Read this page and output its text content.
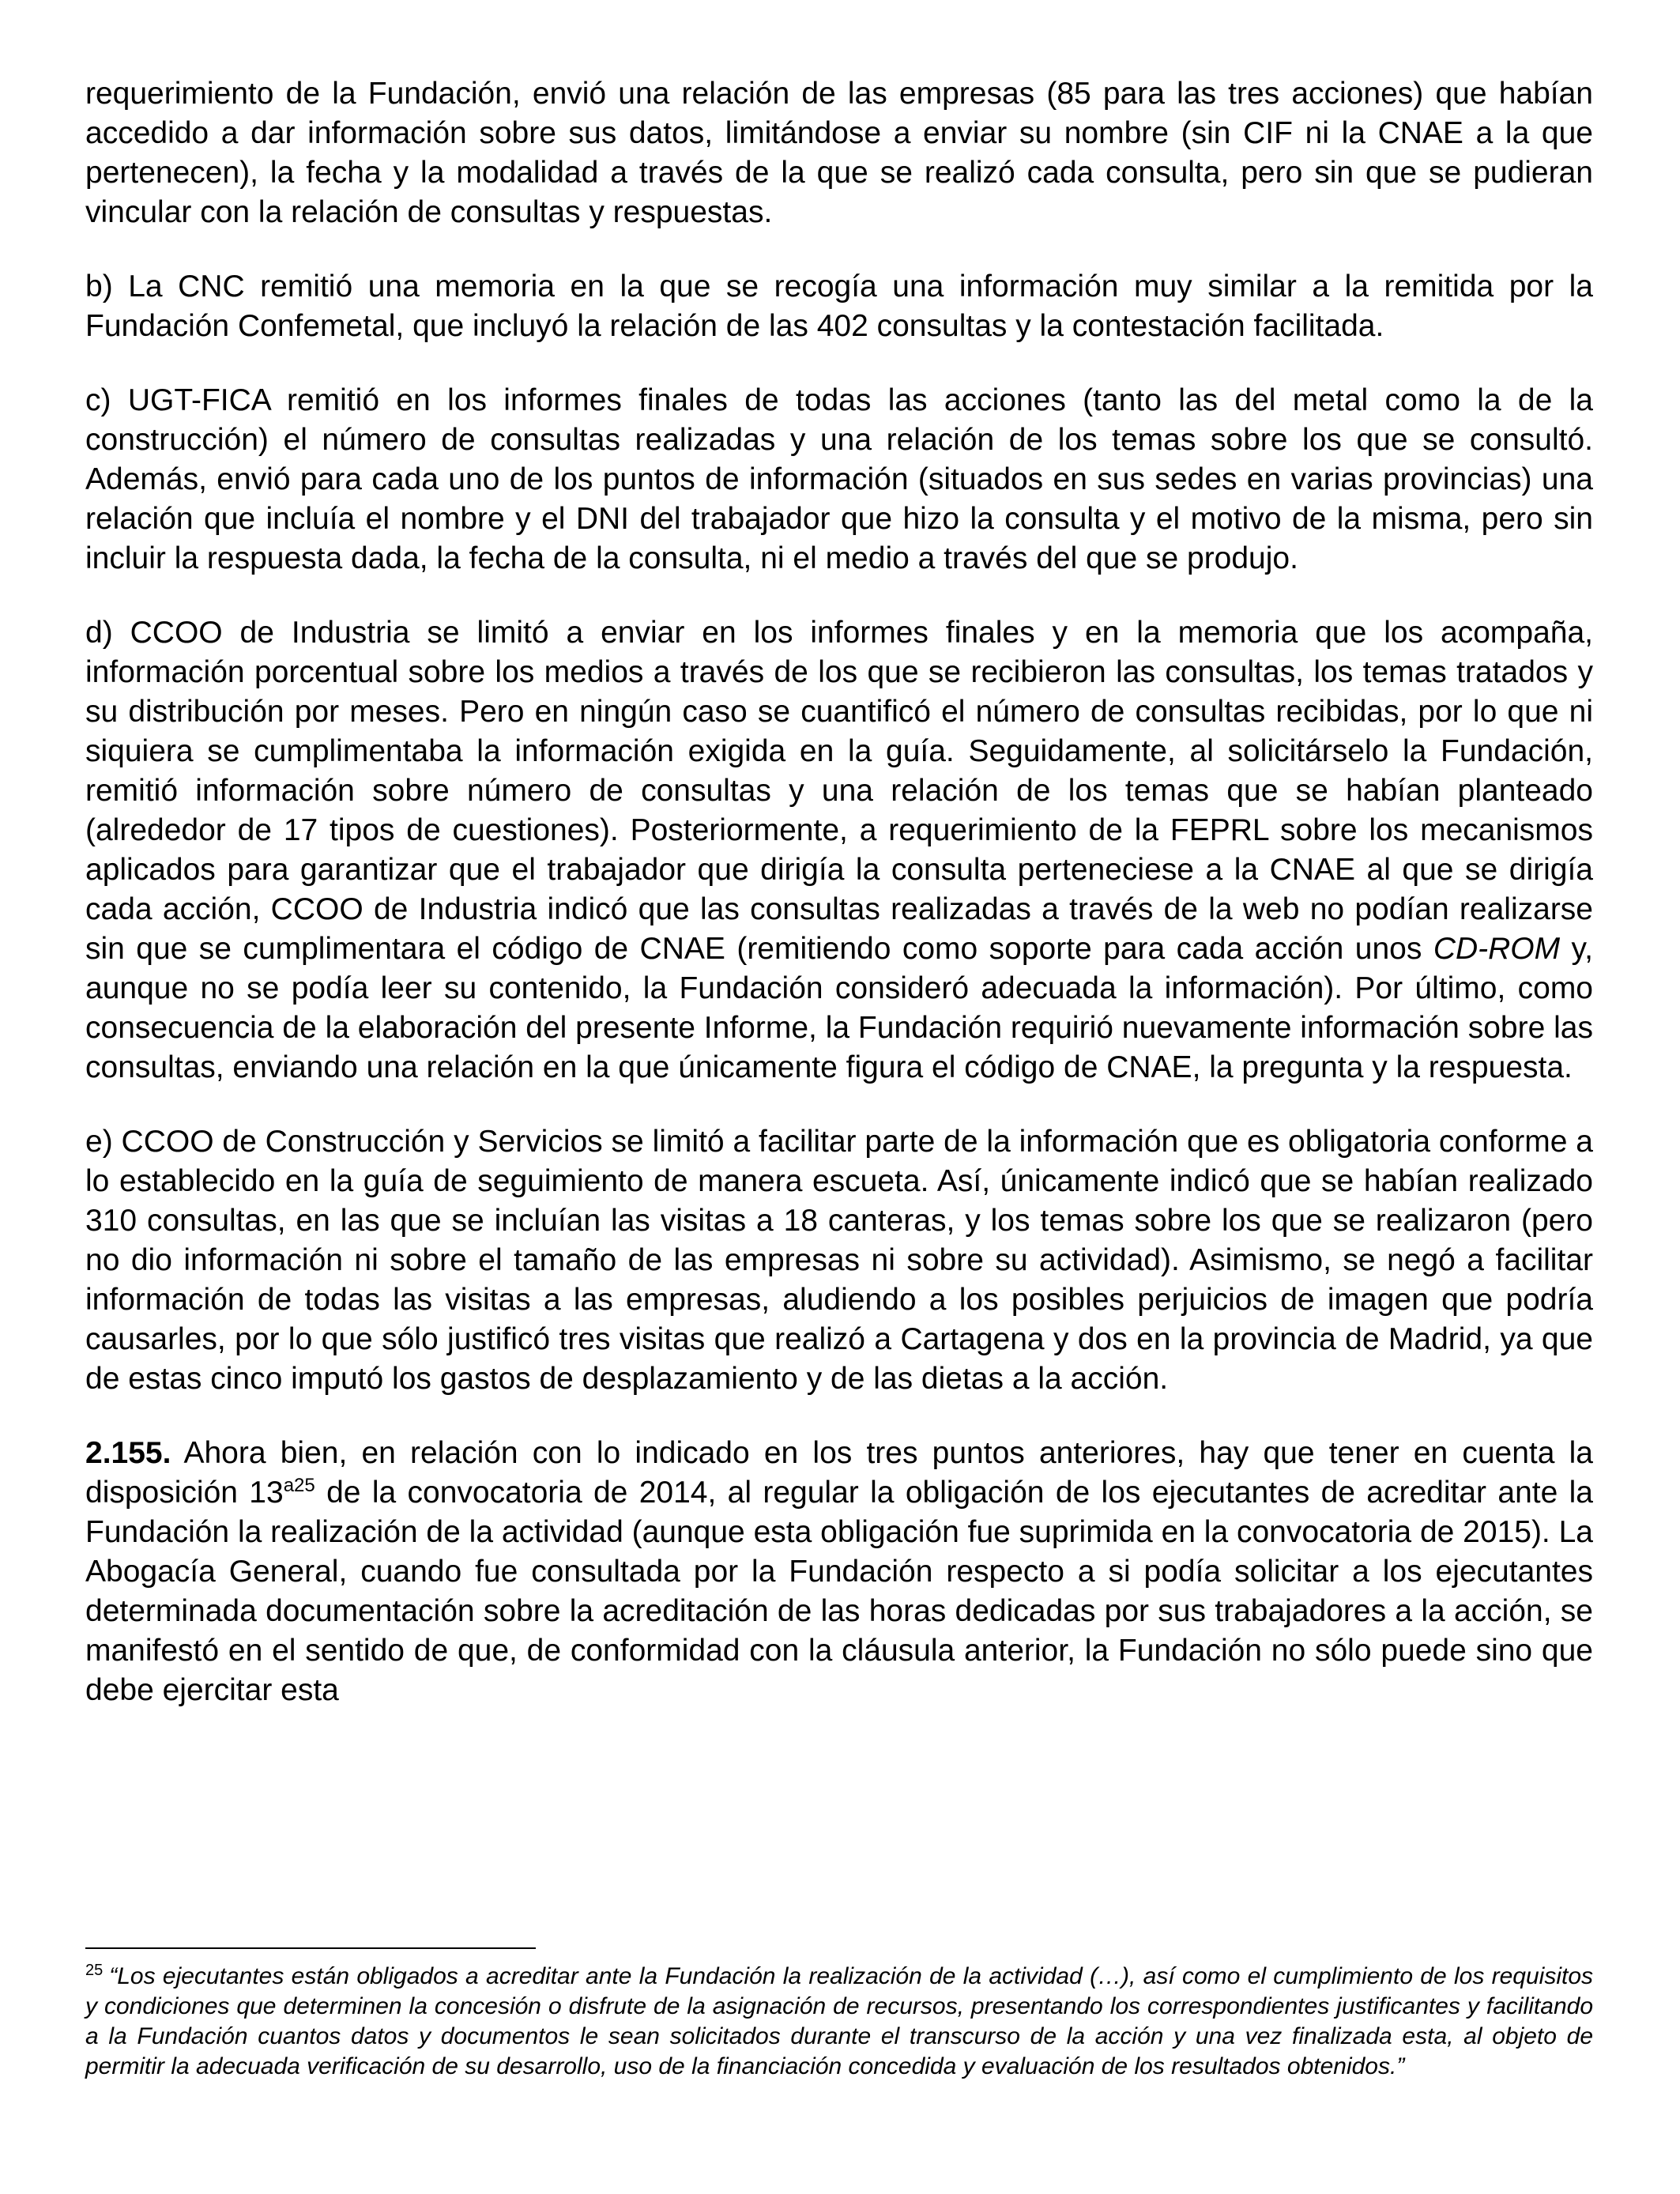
requerimiento de la Fundación, envió una relación de las empresas (85 para las tres acciones) que habían accedido a dar información sobre sus datos, limitándose a enviar su nombre (sin CIF ni la CNAE a la que pertenecen), la fecha y la modalidad a través de la que se realizó cada consulta, pero sin que se pudieran vincular con la relación de consultas y respuestas.

b) La CNC remitió una memoria en la que se recogía una información muy similar a la remitida por la Fundación Confemetal, que incluyó la relación de las 402 consultas y la contestación facilitada.

c) UGT-FICA remitió en los informes finales de todas las acciones (tanto las del metal como la de la construcción) el número de consultas realizadas y una relación de los temas sobre los que se consultó. Además, envió para cada uno de los puntos de información (situados en sus sedes en varias provincias) una relación que incluía el nombre y el DNI del trabajador que hizo la consulta y el motivo de la misma, pero sin incluir la respuesta dada, la fecha de la consulta, ni el medio a través del que se produjo.

d) CCOO de Industria se limitó a enviar en los informes finales y en la memoria que los acompaña, información porcentual sobre los medios a través de los que se recibieron las consultas, los temas tratados y su distribución por meses. Pero en ningún caso se cuantificó el número de consultas recibidas, por lo que ni siquiera se cumplimentaba la información exigida en la guía. Seguidamente, al solicitárselo la Fundación, remitió información sobre número de consultas y una relación de los temas que se habían planteado (alrededor de 17 tipos de cuestiones). Posteriormente, a requerimiento de la FEPRL sobre los mecanismos aplicados para garantizar que el trabajador que dirigía la consulta perteneciese a la CNAE al que se dirigía cada acción, CCOO de Industria indicó que las consultas realizadas a través de la web no podían realizarse sin que se cumplimentara el código de CNAE (remitiendo como soporte para cada acción unos CD-ROM y, aunque no se podía leer su contenido, la Fundación consideró adecuada la información). Por último, como consecuencia de la elaboración del presente Informe, la Fundación requirió nuevamente información sobre las consultas, enviando una relación en la que únicamente figura el código de CNAE, la pregunta y la respuesta.

e) CCOO de Construcción y Servicios se limitó a facilitar parte de la información que es obligatoria conforme a lo establecido en la guía de seguimiento de manera escueta. Así, únicamente indicó que se habían realizado 310 consultas, en las que se incluían las visitas a 18 canteras, y los temas sobre los que se realizaron (pero no dio información ni sobre el tamaño de las empresas ni sobre su actividad). Asimismo, se negó a facilitar información de todas las visitas a las empresas, aludiendo a los posibles perjuicios de imagen que podría causarles, por lo que sólo justificó tres visitas que realizó a Cartagena y dos en la provincia de Madrid, ya que de estas cinco imputó los gastos de desplazamiento y de las dietas a la acción.

2.155. Ahora bien, en relación con lo indicado en los tres puntos anteriores, hay que tener en cuenta la disposición $13^{a25}$ de la convocatoria de 2014, al regular la obligación de los ejecutantes de acreditar ante la Fundación la realización de la actividad (aunque esta obligación fue suprimida en la convocatoria de 2015). La Abogacía General, cuando fue consultada por la Fundación respecto a si podía solicitar a los ejecutantes determinada documentación sobre la acreditación de las horas dedicadas por sus trabajadores a la acción, se manifestó en el sentido de que, de conformidad con la cláusula anterior, la Fundación no sólo puede sino que debe ejercitar esta

$^{25}$ “Los ejecutantes están obligados a acreditar ante la Fundación la realización de la actividad (…), así como el cumplimiento de los requisitos y condiciones que determinen la concesión o disfrute de la asignación de recursos, presentando los correspondientes justificantes y facilitando a la Fundación cuantos datos y documentos le sean solicitados durante el transcurso de la acción y una vez finalizada esta, al objeto de permitir la adecuada verificación de su desarrollo, uso de la financiación concedida y evaluación de los resultados obtenidos.”
